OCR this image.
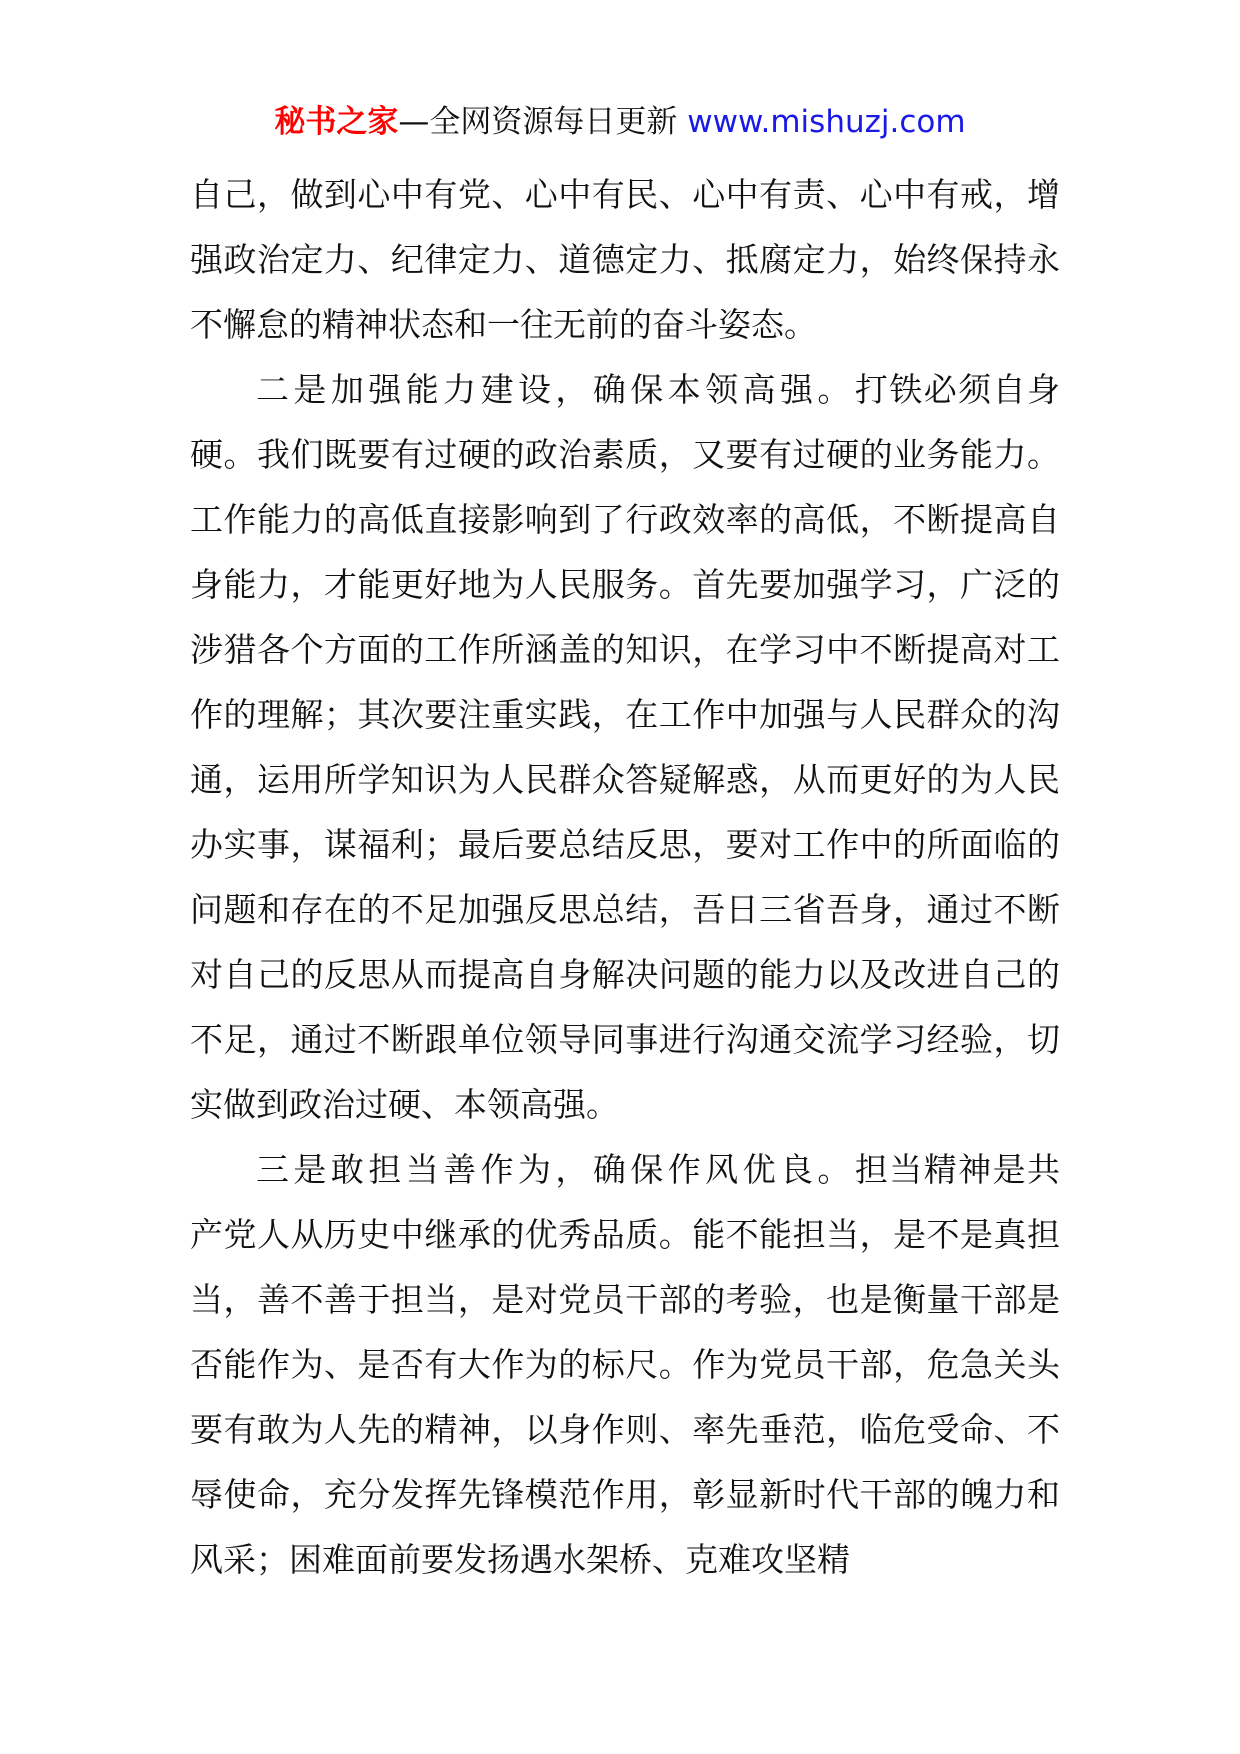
秘书之家—全网资源每日更新 www.mishuzj.com

自己，做到心中有党、心中有民、心中有责、心中有戒，增强政治定力、纪律定力、道德定力、抵腐定力，始终保持永不懈怠的精神状态和一往无前的奋斗姿态。

二是加强能力建设，确保本领高强。打铁必须自身硬。我们既要有过硬的政治素质，又要有过硬的业务能力。工作能力的高低直接影响到了行政效率的高低，不断提高自身能力，才能更好地为人民服务。首先要加强学习，广泛的涉猎各个方面的工作所涵盖的知识，在学习中不断提高对工作的理解；其次要注重实践，在工作中加强与人民群众的沟通，运用所学知识为人民群众答疑解惑，从而更好的为人民办实事，谋福利；最后要总结反思，要对工作中的所面临的问题和存在的不足加强反思总结，吾日三省吾身，通过不断对自己的反思从而提高自身解决问题的能力以及改进自己的不足，通过不断跟单位领导同事进行沟通交流学习经验，切实做到政治过硬、本领高强。

三是敢担当善作为，确保作风优良。担当精神是共产党人从历史中继承的优秀品质。能不能担当，是不是真担当，善不善于担当，是对党员干部的考验，也是衡量干部是否能作为、是否有大作为的标尺。作为党员干部，危急关头要有敢为人先的精神，以身作则、率先垂范，临危受命、不辱使命，充分发挥先锋模范作用，彰显新时代干部的魄力和风采；困难面前要发扬遇水架桥、克难攻坚精
